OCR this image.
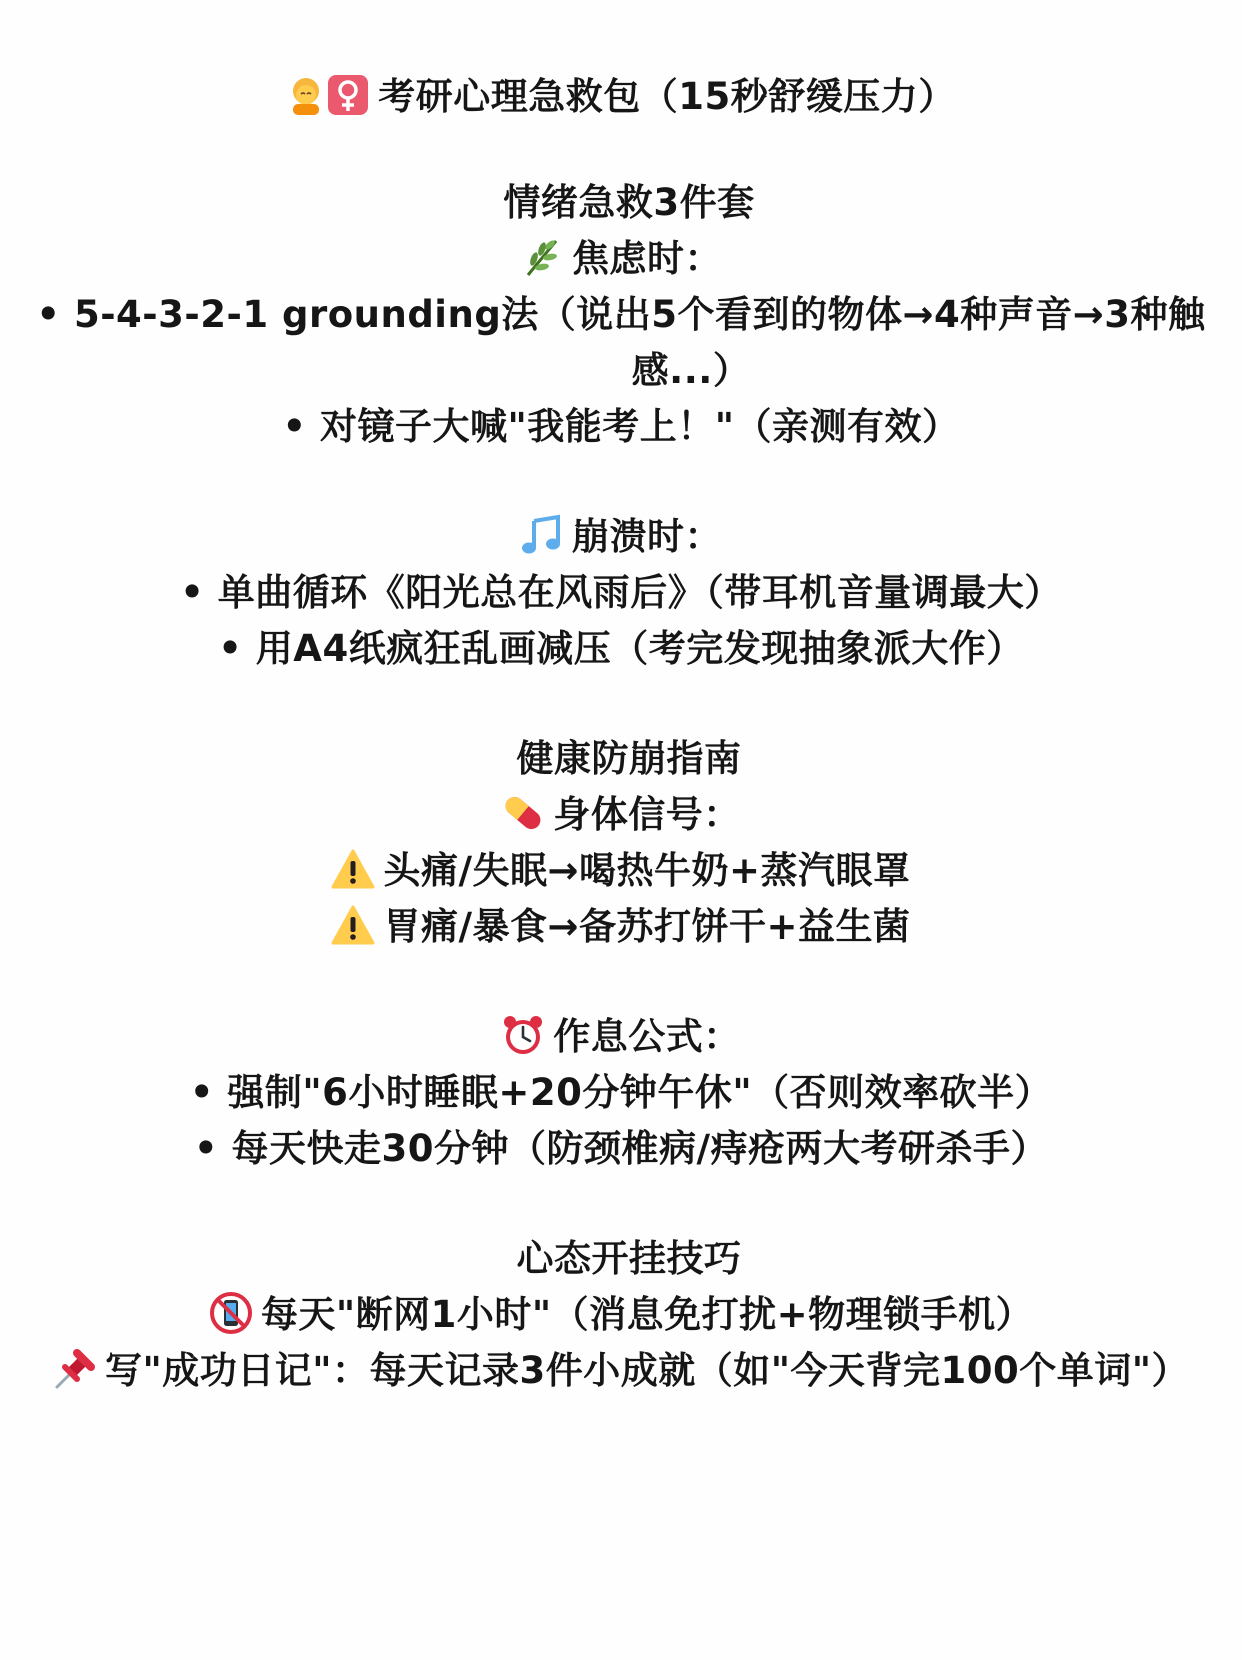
考研心理急救包（15秒舒缓压力）
情绪急救3件套
焦虑时：
• 5-4-3-2-1 grounding法（说出5个看到的物体→4种声音→3种触
感...）
• 对镜子大喊"我能考上！"（亲测有效）
崩溃时：
• 单曲循环《阳光总在风雨后》（带耳机音量调最大）
• 用A4纸疯狂乱画减压（考完发现抽象派大作）
健康防崩指南
身体信号：
头痛/失眠→喝热牛奶+蒸汽眼罩
胃痛/暴食→备苏打饼干+益生菌
作息公式：
• 强制"6小时睡眠+20分钟午休"（否则效率砍半）
• 每天快走30分钟（防颈椎病/痔疮两大考研杀手）
心态开挂技巧
每天"断网1小时"（消息免打扰+物理锁手机）
写"成功日记"：每天记录3件小成就（如"今天背完100个单词"）
